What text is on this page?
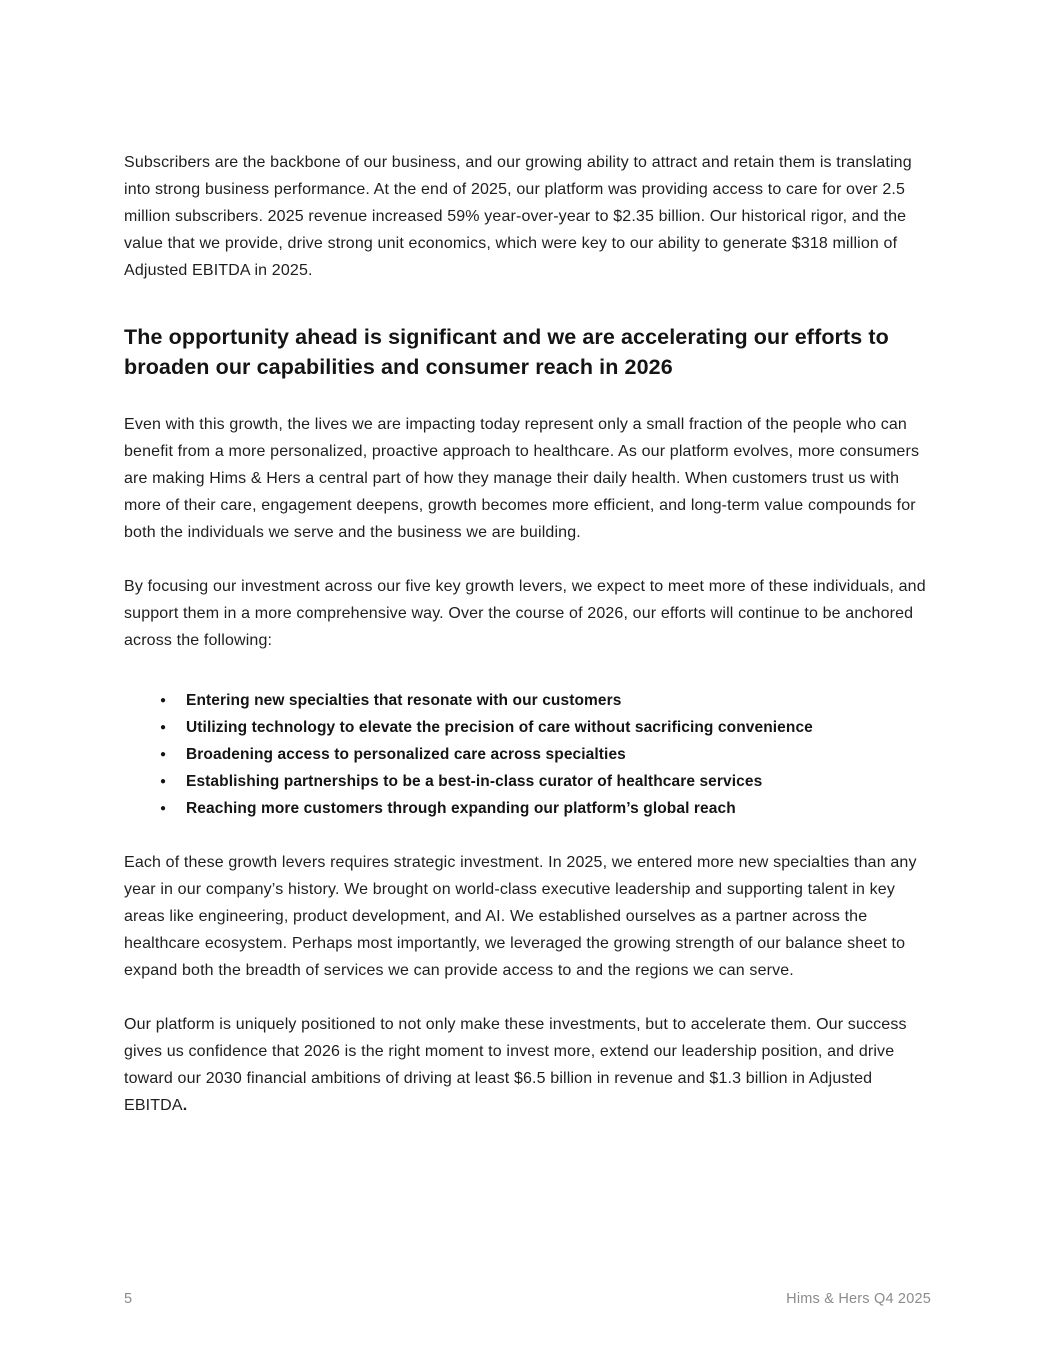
Subscribers are the backbone of our business, and our growing ability to attract and retain them is translating into strong business performance. At the end of 2025, our platform was providing access to care for over 2.5 million subscribers. 2025 revenue increased 59% year-over-year to $2.35 billion. Our historical rigor, and the value that we provide, drive strong unit economics, which were key to our ability to generate $318 million of Adjusted EBITDA in 2025.

The opportunity ahead is significant and we are accelerating our efforts to broaden our capabilities and consumer reach in 2026

Even with this growth, the lives we are impacting today represent only a small fraction of the people who can benefit from a more personalized, proactive approach to healthcare. As our platform evolves, more consumers are making Hims & Hers a central part of how they manage their daily health. When customers trust us with more of their care, engagement deepens, growth becomes more efficient, and long-term value compounds for both the individuals we serve and the business we are building.

By focusing our investment across our five key growth levers, we expect to meet more of these individuals, and support them in a more comprehensive way. Over the course of 2026, our efforts will continue to be anchored across the following:

●	Entering new specialties that resonate with our customers
●	Utilizing technology to elevate the precision of care without sacrificing convenience
●	Broadening access to personalized care across specialties
●	Establishing partnerships to be a best-in-class curator of healthcare services
●	Reaching more customers through expanding our platform’s global reach

Each of these growth levers requires strategic investment. In 2025, we entered more new specialties than any year in our company’s history. We brought on world-class executive leadership and supporting talent in key areas like engineering, product development, and AI. We established ourselves as a partner across the healthcare ecosystem. Perhaps most importantly, we leveraged the growing strength of our balance sheet to expand both the breadth of services we can provide access to and the regions we can serve.

Our platform is uniquely positioned to not only make these investments, but to accelerate them. Our success gives us confidence that 2026 is the right moment to invest more, extend our leadership position, and drive toward our 2030 financial ambitions of driving at least $6.5 billion in revenue and $1.3 billion in Adjusted EBITDA.

5	Hims & Hers Q4 2025
